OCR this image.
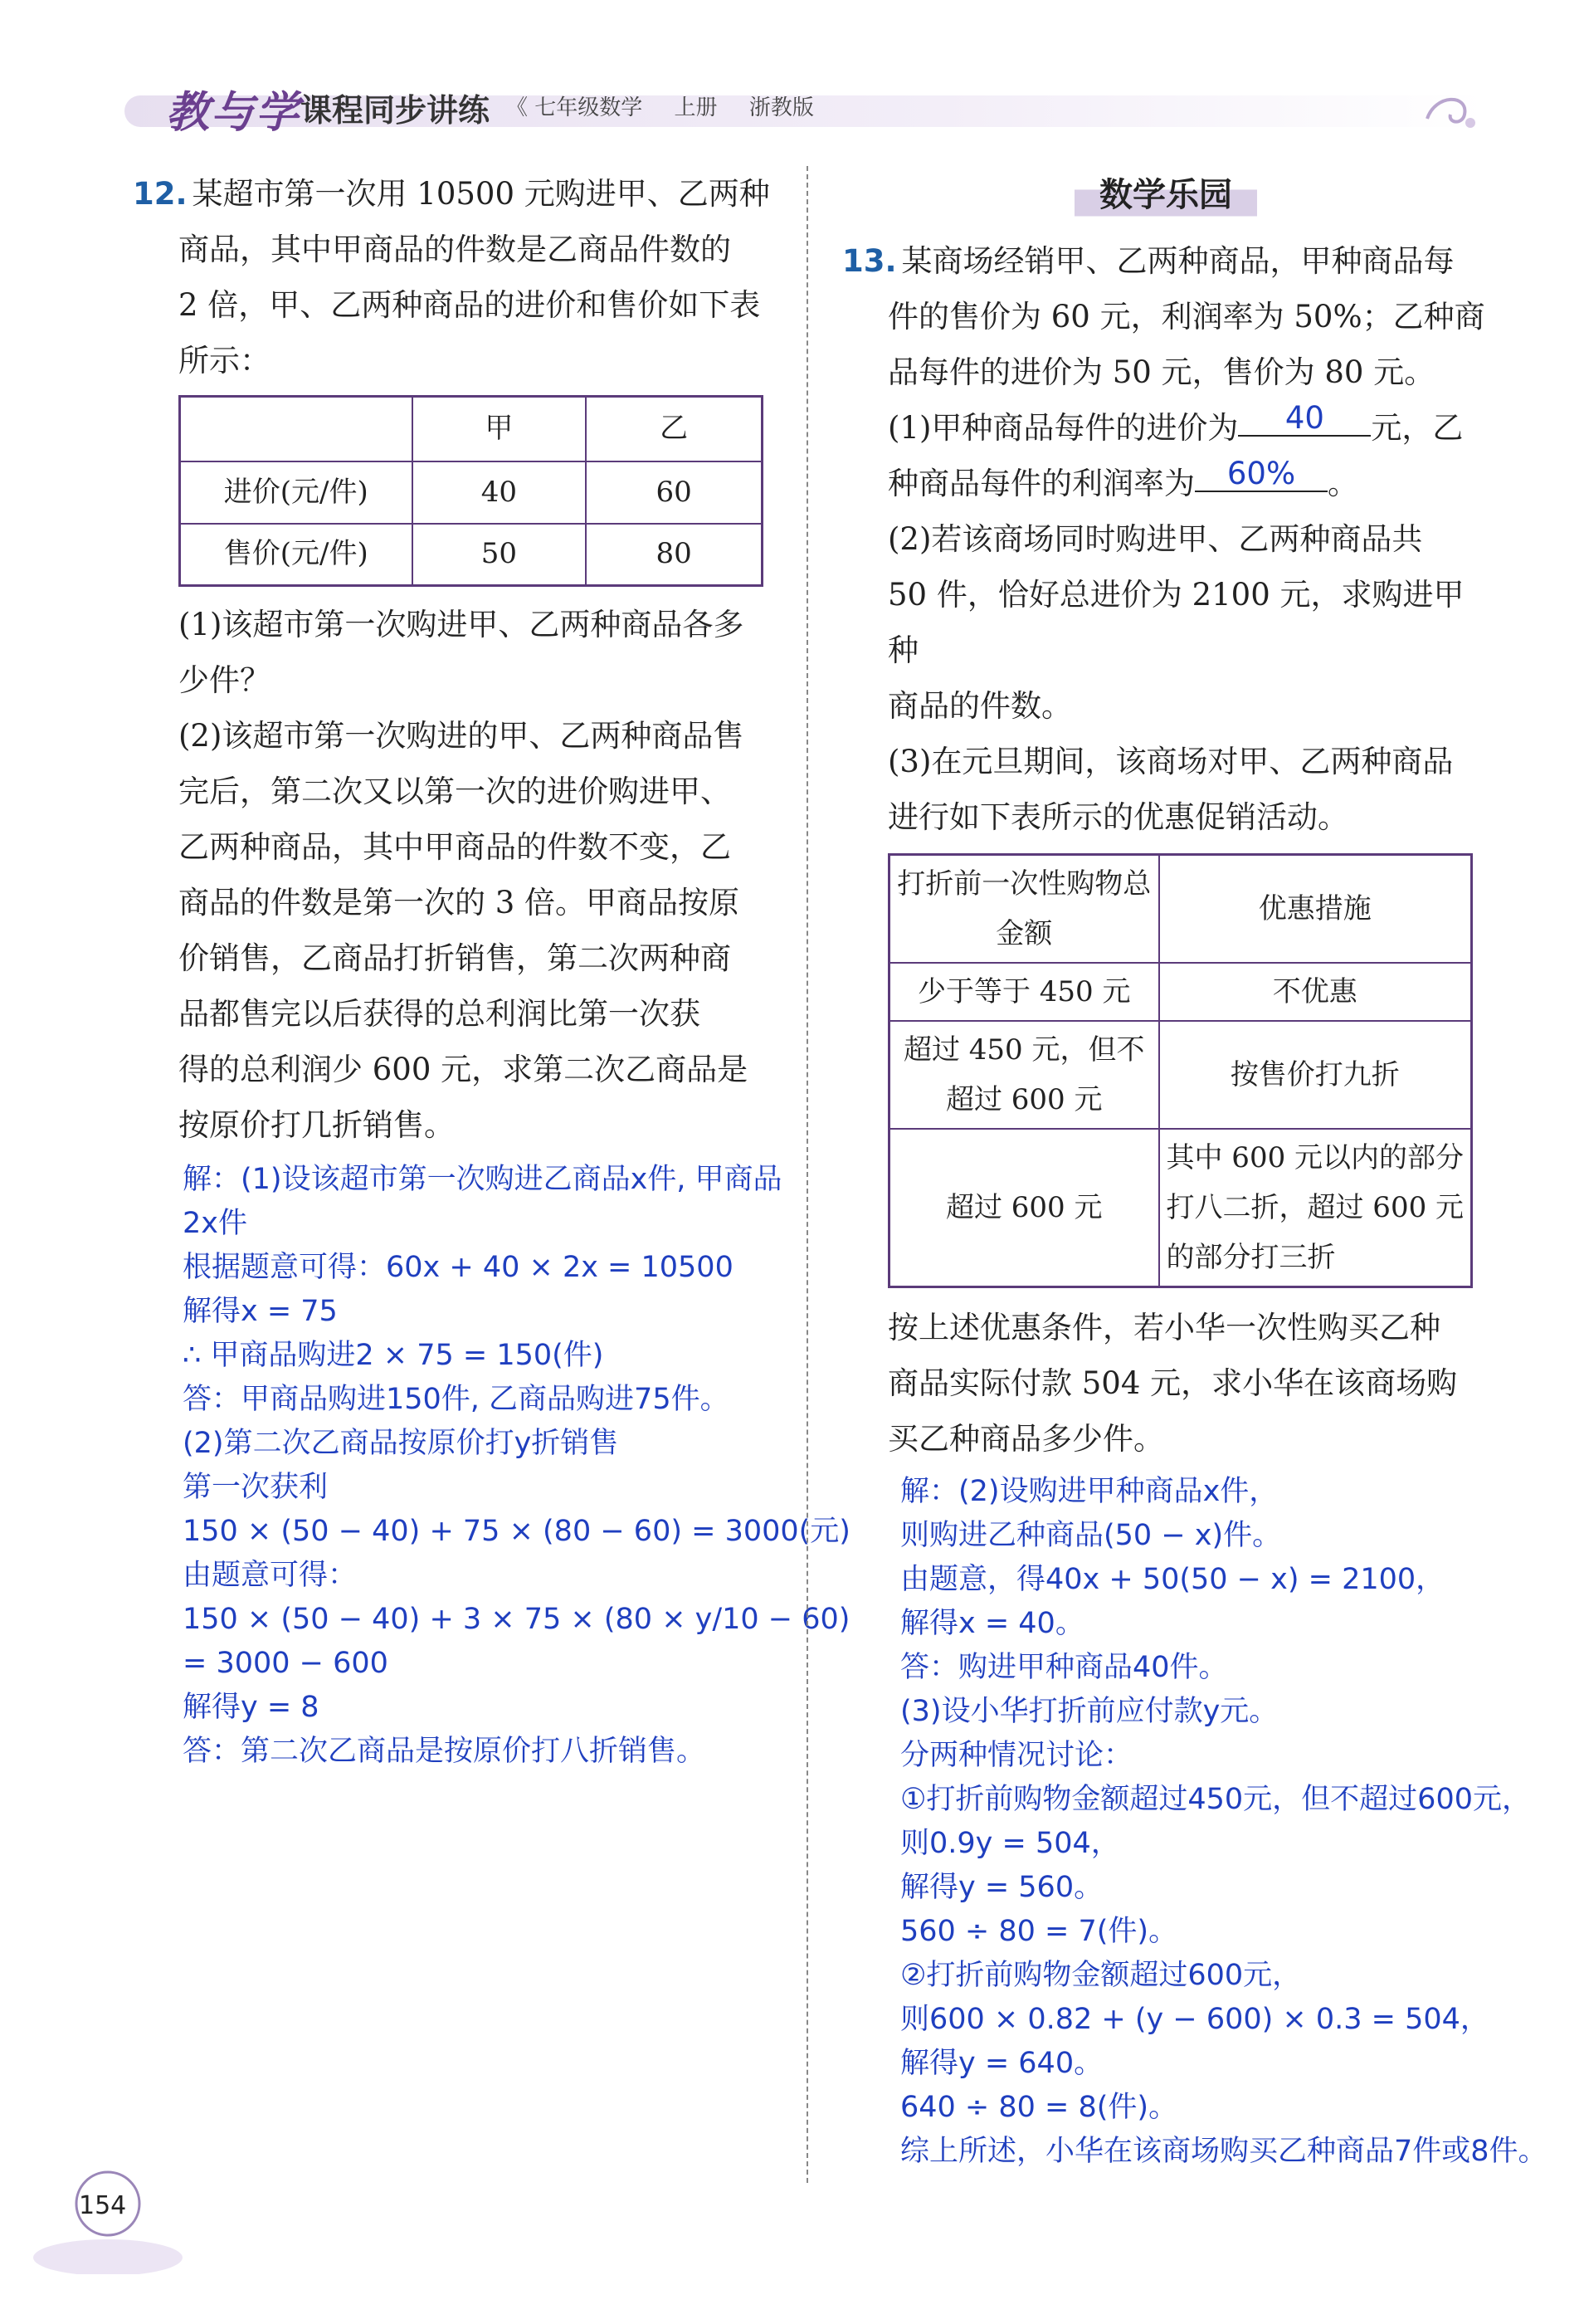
教与学 课程同步讲练 《 七年级数学 上册 浙教版

12. 某超市第一次用 10500 元购进甲、乙两种

商品，其中甲商品的件数是乙商品件数的

2 倍，甲、乙两种商品的进价和售价如下表

所示：

	甲	乙
进价(元/件)	40	60
售价(元/件)	50	80

(1)该超市第一次购进甲、乙两种商品各多

少件？

(2)该超市第一次购进的甲、乙两种商品售

完后，第二次又以第一次的进价购进甲、

乙两种商品，其中甲商品的件数不变，乙

商品的件数是第一次的 3 倍。甲商品按原

价销售，乙商品打折销售，第二次两种商

品都售完以后获得的总利润比第一次获

得的总利润少 600 元，求第二次乙商品是

按原价打几折销售。

解：(1)设该超市第一次购进乙商品x件, 甲商品

2x件

根据题意可得：60x + 40 × 2x = 10500

解得x = 75

∴ 甲商品购进2 × 75 = 150(件)

答：甲商品购进150件, 乙商品购进75件。

(2)第二次乙商品按原价打y折销售

第一次获利

150 × (50 − 40) + 75 × (80 − 60) = 3000(元)

由题意可得：

150 × (50 − 40) + 3 × 75 × (80 × y/10 − 60)

= 3000 − 600

解得y = 8

答：第二次乙商品是按原价打八折销售。

数学乐园

13. 某商场经销甲、乙两种商品，甲种商品每

件的售价为 60 元，利润率为 50%；乙种商

品每件的进价为 50 元，售价为 80 元。

(1)甲种商品每件的进价为 40 元，乙

种商品每件的利润率为 60% 。

(2)若该商场同时购进甲、乙两种商品共

50 件，恰好总进价为 2100 元，求购进甲种

商品的件数。

(3)在元旦期间，该商场对甲、乙两种商品

进行如下表所示的优惠促销活动。

打折前一次性购物总金额	优惠措施
少于等于 450 元	不优惠
超过 450 元，但不超过 600 元	按售价打九折
超过 600 元	其中 600 元以内的部分打八二折，超过 600 元的部分打三折

按上述优惠条件，若小华一次性购买乙种

商品实际付款 504 元，求小华在该商场购

买乙种商品多少件。

解：(2)设购进甲种商品x件，

则购进乙种商品(50 − x)件。

由题意，得40x + 50(50 − x) = 2100，

解得x = 40。

答：购进甲种商品40件。

(3)设小华打折前应付款y元。

分两种情况讨论：

①打折前购物金额超过450元，但不超过600元，

则0.9y = 504，

解得y = 560。

560 ÷ 80 = 7(件)。

②打折前购物金额超过600元，

则600 × 0.82 + (y − 600) × 0.3 = 504，

解得y = 640。

640 ÷ 80 = 8(件)。

综上所述，小华在该商场购买乙种商品7件或8件。

154
